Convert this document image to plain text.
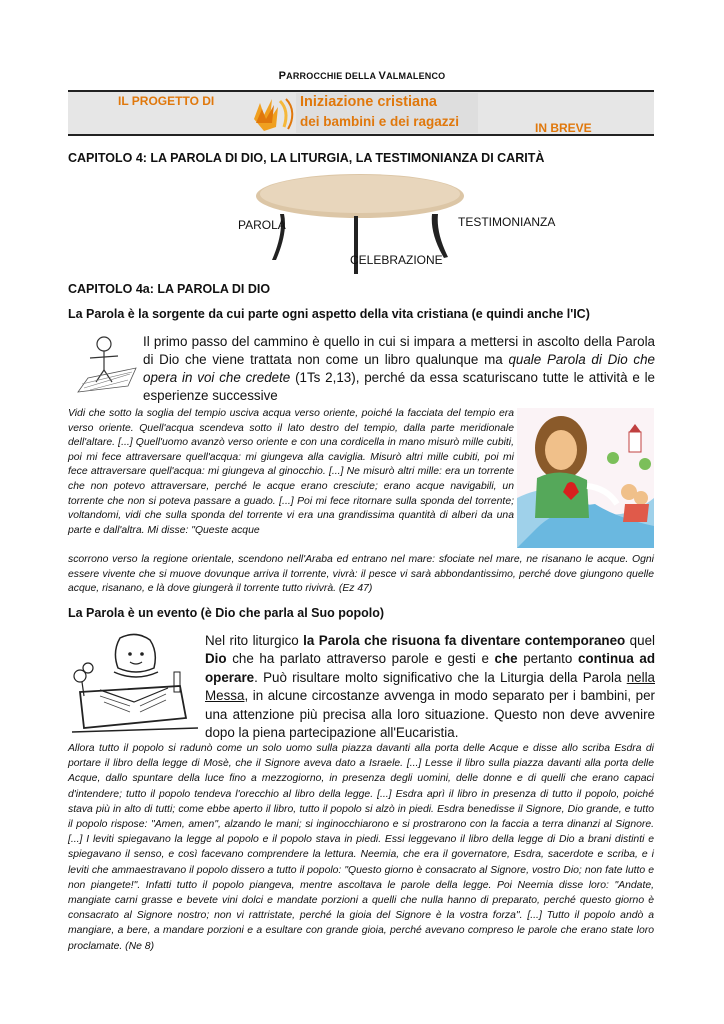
PARROCCHIE DELLA VALMALENCO
IL PROGETTO DI	Iniziazione cristiana
dei bambini e dei ragazzi	IN BREVE
CAPITOLO 4: LA PAROLA DI DIO, LA LITURGIA, LA TESTIMONIANZA DI CARITÀ
PAROLA	TESTIMONIANZA
CELEBRAZIONE
CAPITOLO 4a: LA PAROLA DI DIO
La Parola è la sorgente da cui parte ogni aspetto della vita cristiana (e quindi anche l'IC)
Il primo passo del cammino è quello in cui si impara a mettersi in ascolto della Parola di Dio che viene trattata non come un libro qualunque ma quale Parola di Dio che opera in voi che credete (1Ts 2,13), perché da essa scaturiscano tutte le attività e le esperienze successive
Vidi che sotto la soglia del tempio usciva acqua verso oriente, poiché la facciata del tempio era verso oriente. Quell'acqua scendeva sotto il lato destro del tempio, dalla parte meridionale dell'altare. [...] Quell'uomo avanzò verso oriente e con una cordicella in mano misurò mille cubiti, poi mi fece attraversare quell'acqua: mi giungeva alla caviglia. Misurò altri mille cubiti, poi mi fece attraversare quell'acqua: mi giungeva al ginocchio. [...] Ne misurò altri mille: era un torrente che non potevo attraversare, perché le acque erano cresciute; erano acque navigabili, un torrente che non si poteva passare a guado. [...] Poi mi fece ritornare sulla sponda del torrente; voltandomi, vidi che sulla sponda del torrente vi era una grandissima quantità di alberi da una parte e dall'altra. Mi disse: "Queste acque
scorrono verso la regione orientale, scendono nell'Araba ed entrano nel mare: sfociate nel mare, ne risanano le acque. Ogni essere vivente che si muove dovunque arriva il torrente, vivrà: il pesce vi sarà abbondantissimo, perché dove giungono quelle acque, risanano, e là dove giungerà il torrente tutto rivivrà. (Ez 47)
La Parola è un evento (è Dio che parla al Suo popolo)
Nel rito liturgico la Parola che risuona fa diventare contemporaneo quel Dio che ha parlato attraverso parole e gesti e che pertanto continua ad operare. Può risultare molto significativo che la Liturgia della Parola nella Messa, in alcune circostanze avvenga in modo separato per i bambini, per una attenzione più precisa alla loro situazione. Questo non deve avvenire dopo la piena partecipazione all'Eucaristia.
Allora tutto il popolo si radunò come un solo uomo sulla piazza davanti alla porta delle Acque e disse allo scriba Esdra di portare il libro della legge di Mosè, che il Signore aveva dato a Israele. [...] Lesse il libro sulla piazza davanti alla porta delle Acque, dallo spuntare della luce fino a mezzogiorno, in presenza degli uomini, delle donne e di quelli che erano capaci d'intendere; tutto il popolo tendeva l'orecchio al libro della legge. [...] Esdra aprì il libro in presenza di tutto il popolo, poiché stava più in alto di tutti; come ebbe aperto il libro, tutto il popolo si alzò in piedi. Esdra benedisse il Signore, Dio grande, e tutto il popolo rispose: "Amen, amen", alzando le mani; si inginocchiarono e si prostrarono con la faccia a terra dinanzi al Signore. [...] I leviti spiegavano la legge al popolo e il popolo stava in piedi. Essi leggevano il libro della legge di Dio a brani distinti e spiegavano il senso, e così facevano comprendere la lettura. Neemia, che era il governatore, Esdra, sacerdote e scriba, e i leviti che ammaestravano il popolo dissero a tutto il popolo: "Questo giorno è consacrato al Signore, vostro Dio; non fate lutto e non piangete!". Infatti tutto il popolo piangeva, mentre ascoltava le parole della legge. Poi Neemia disse loro: "Andate, mangiate carni grasse e bevete vini dolci e mandate porzioni a quelli che nulla hanno di preparato, perché questo giorno è consacrato al Signore nostro; non vi rattristate, perché la gioia del Signore è la vostra forza". [...] Tutto il popolo andò a mangiare, a bere, a mandare porzioni e a esultare con grande gioia, perché avevano compreso le parole che erano state loro proclamate. (Ne 8)
